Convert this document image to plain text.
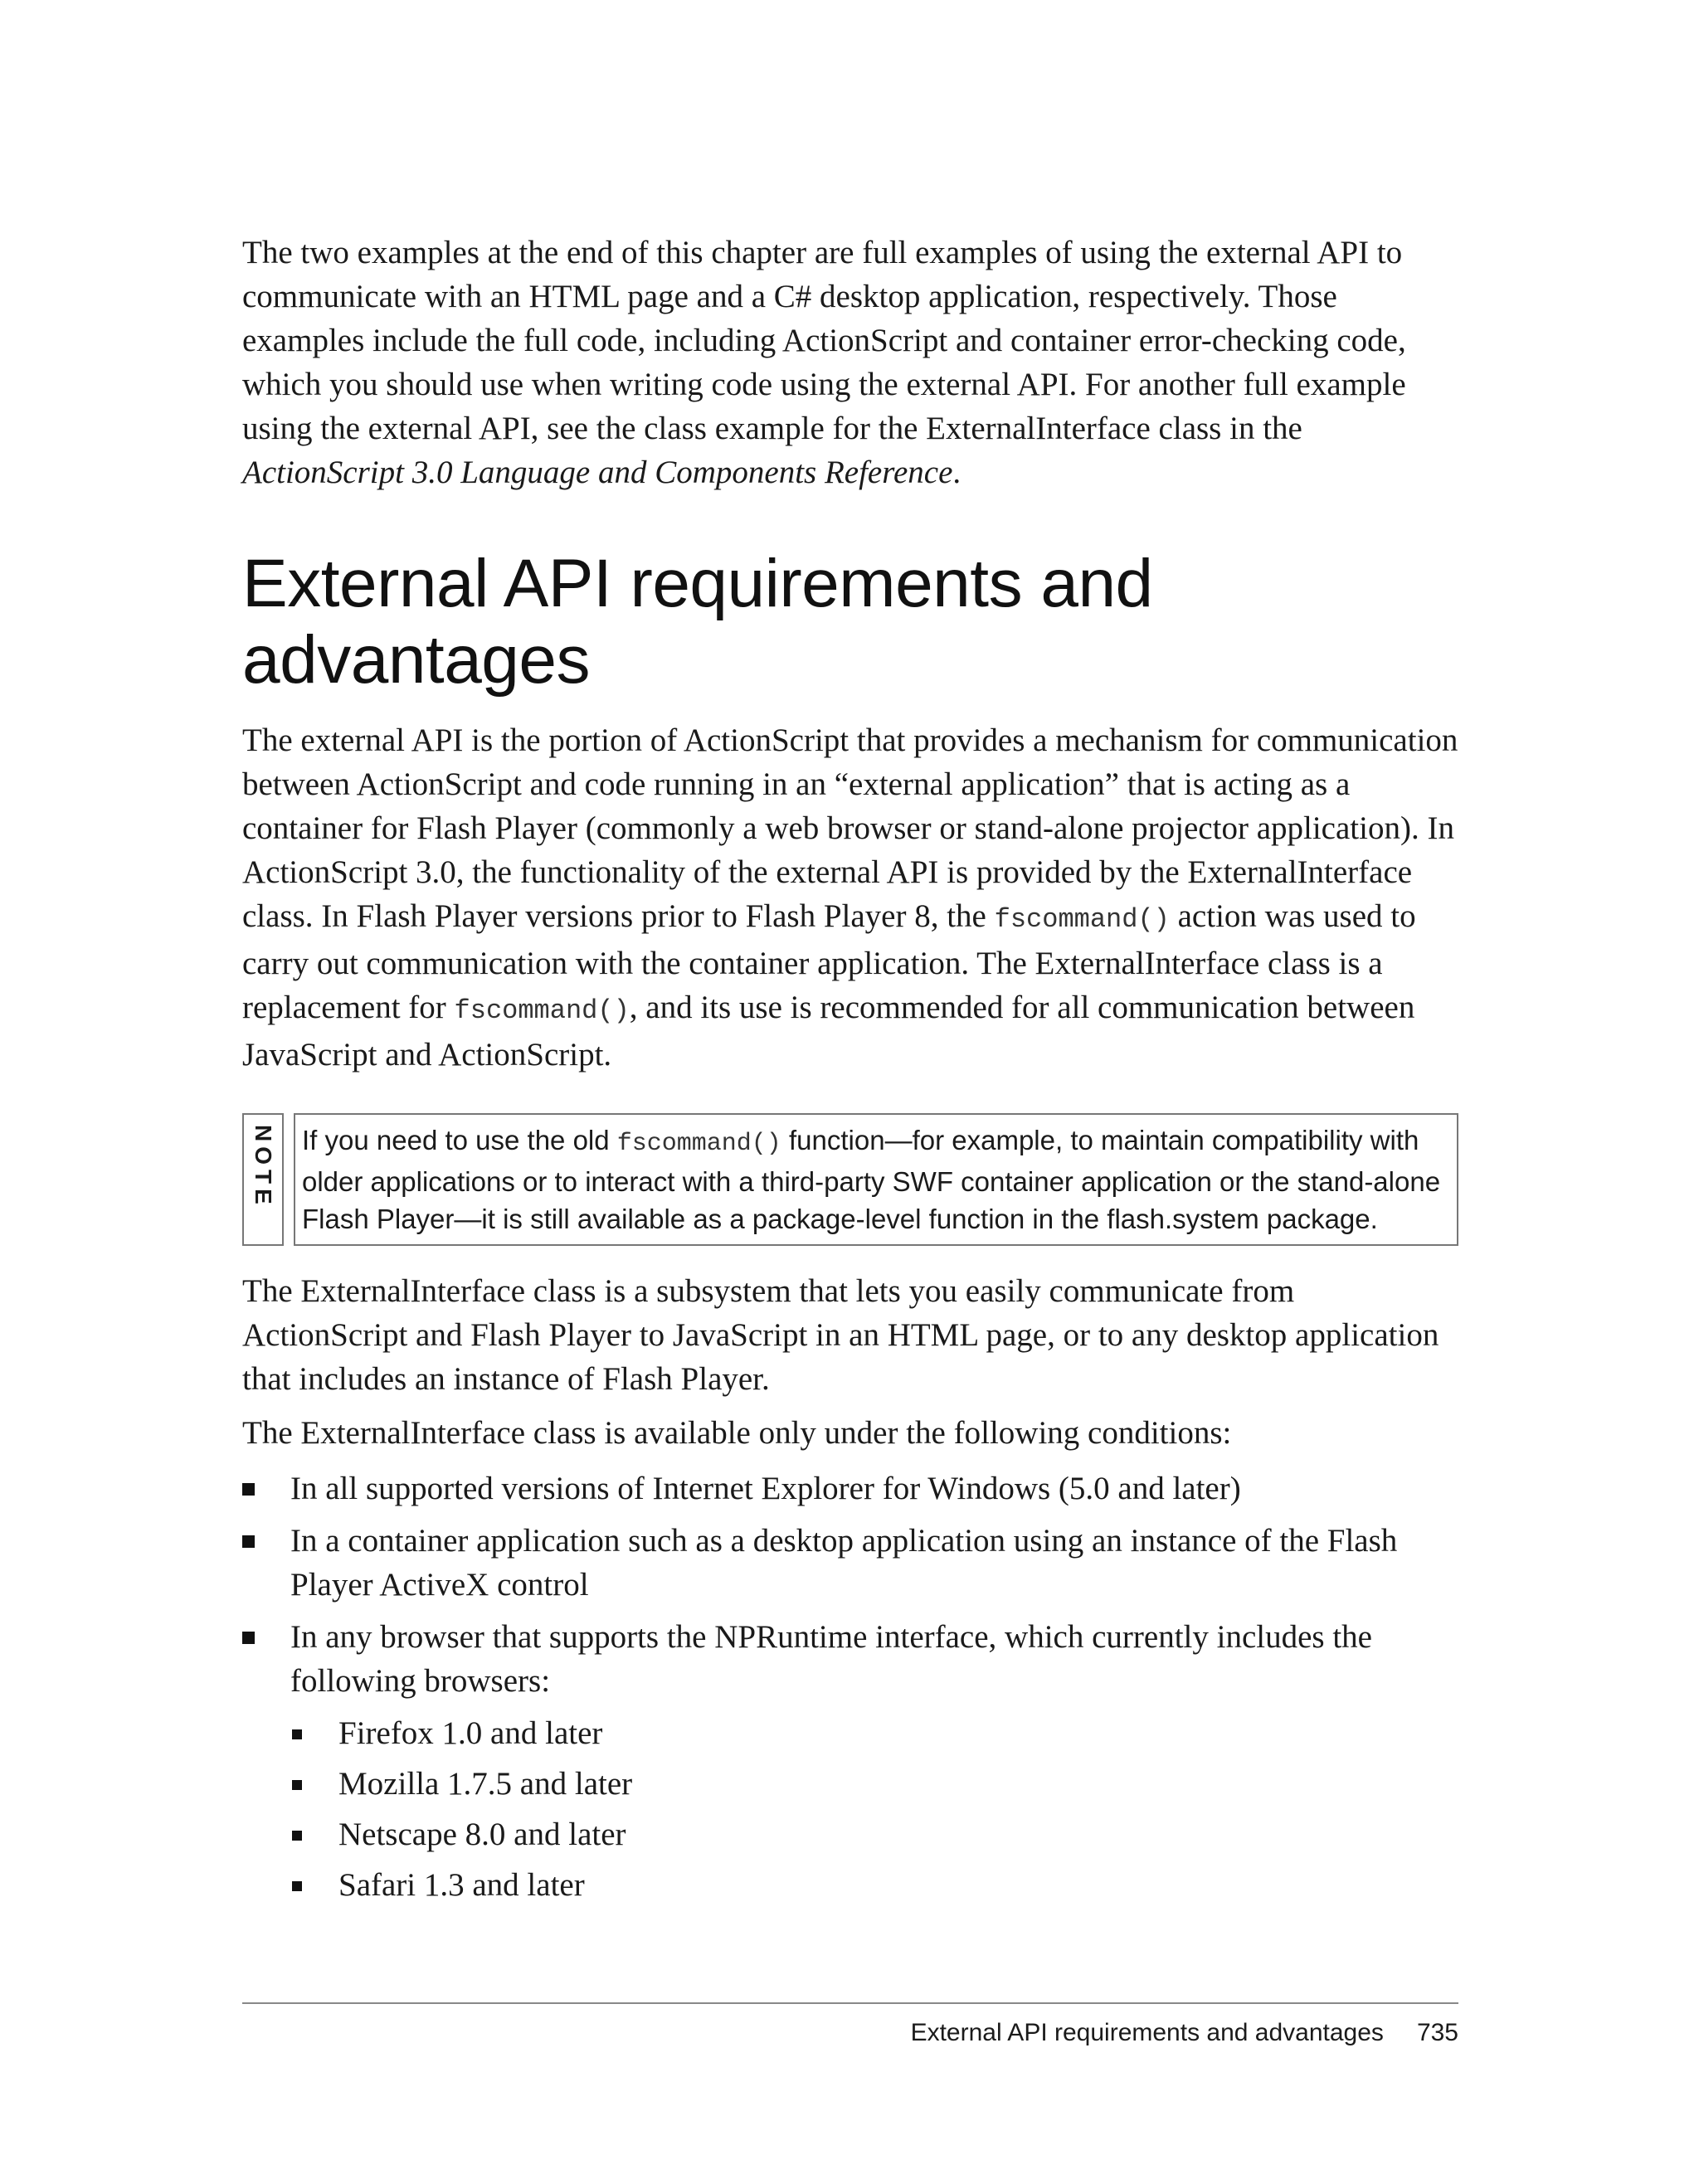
The two examples at the end of this chapter are full examples of using the external API to communicate with an HTML page and a C# desktop application, respectively. Those examples include the full code, including ActionScript and container error-checking code, which you should use when writing code using the external API. For another full example using the external API, see the class example for the ExternalInterface class in the ActionScript 3.0 Language and Components Reference.

External API requirements and advantages

The external API is the portion of ActionScript that provides a mechanism for communication between ActionScript and code running in an “external application” that is acting as a container for Flash Player (commonly a web browser or stand-alone projector application). In ActionScript 3.0, the functionality of the external API is provided by the ExternalInterface class. In Flash Player versions prior to Flash Player 8, the fscommand() action was used to carry out communication with the container application. The ExternalInterface class is a replacement for fscommand(), and its use is recommended for all communication between JavaScript and ActionScript.

NOTE If you need to use the old fscommand() function—for example, to maintain compatibility with older applications or to interact with a third-party SWF container application or the stand-alone Flash Player—it is still available as a package-level function in the flash.system package.

The ExternalInterface class is a subsystem that lets you easily communicate from ActionScript and Flash Player to JavaScript in an HTML page, or to any desktop application that includes an instance of Flash Player.

The ExternalInterface class is available only under the following conditions:

In all supported versions of Internet Explorer for Windows (5.0 and later)
In a container application such as a desktop application using an instance of the Flash Player ActiveX control
In any browser that supports the NPRuntime interface, which currently includes the following browsers:
Firefox 1.0 and later
Mozilla 1.7.5 and later
Netscape 8.0 and later
Safari 1.3 and later
External API requirements and advantages 735
